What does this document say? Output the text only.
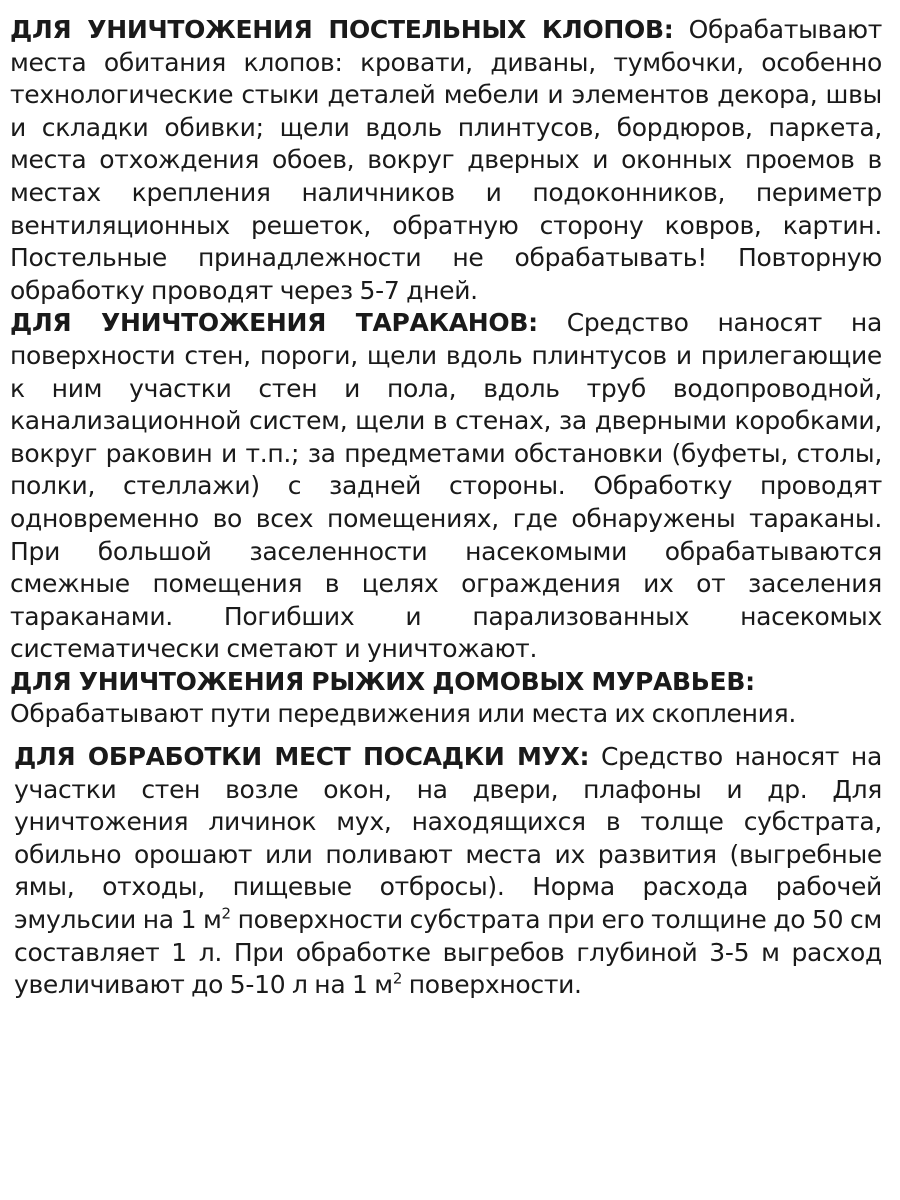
ДЛЯ УНИЧТОЖЕНИЯ ПОСТЕЛЬНЫХ КЛОПОВ: Обрабатывают места обитания клопов: кровати, диваны, тумбочки, особенно технологические стыки деталей мебели и элементов декора, швы и складки обивки; щели вдоль плинтусов, бордюров, паркета, места отхождения обоев, вокруг дверных и оконных проемов в местах крепления наличников и подоконников, периметр вентиляционных решеток, обратную сторону ковров, картин. Постельные принадлежности не обрабатывать! Повторную обработку проводят через 5-7 дней.

ДЛЯ УНИЧТОЖЕНИЯ ТАРАКАНОВ: Средство наносят на поверхности стен, пороги, щели вдоль плинтусов и прилегающие к ним участки стен и пола, вдоль труб водопроводной, канализационной систем, щели в стенах, за дверными коробками, вокруг раковин и т.п.; за предметами обстановки (буфеты, столы, полки, стеллажи) с задней стороны. Обработку проводят одновременно во всех помещениях, где обнаружены тараканы. При большой заселенности насекомыми обрабатываются смежные помещения в целях ограждения их от заселения тараканами. Погибших и парализованных насекомых систематически сметают и уничтожают.

ДЛЯ УНИЧТОЖЕНИЯ РЫЖИХ ДОМОВЫХ МУРАВЬЕВ:
Обрабатывают пути передвижения или места их скопления.

ДЛЯ ОБРАБОТКИ МЕСТ ПОСАДКИ МУХ: Средство наносят на участки стен возле окон, на двери, плафоны и др. Для уничтожения личинок мух, находящихся в толще субстрата, обильно орошают или поливают места их развития (выгребные ямы, отходы, пищевые отбросы). Норма расхода рабочей эмульсии на 1 $м^2$ поверхности субстрата при его толщине до 50 см составляет 1 л. При обработке выгребов глубиной 3-5 м расход увеличивают до 5-10 л на 1 $м^2$ поверхности.
